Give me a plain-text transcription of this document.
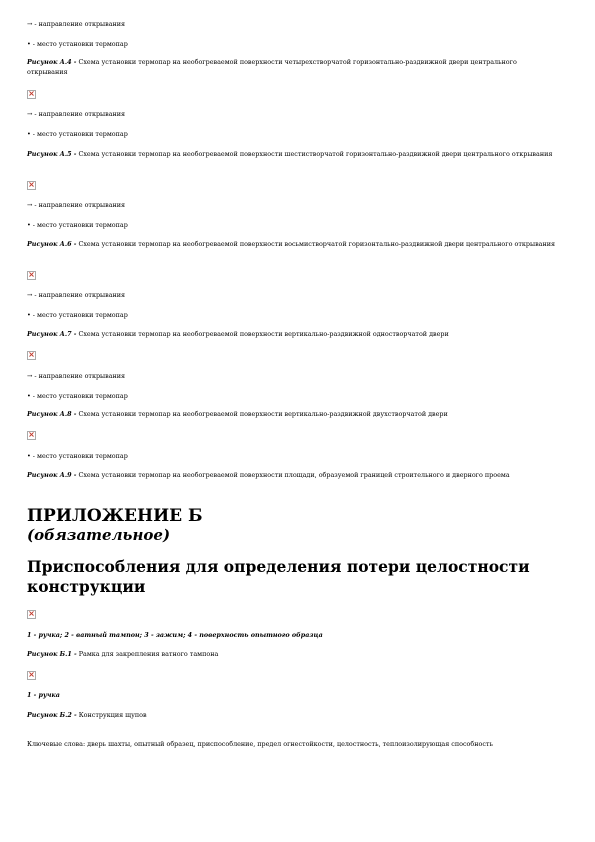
→ - направление открывания
• - место установки термопар
Рисунок А.4 - Схема установки термопар на необогреваемой поверхности четырехстворчатой горизонтально-раздвижной двери центрального открывания
×
→ - направление открывания
• - место установки термопар
Рисунок А.5 - Схема установки термопар на необогреваемой поверхности шестистворчатой горизонтально-раздвижной двери центрального открывания
×
→ - направление открывания
• - место установки термопар
Рисунок А.6 - Схема установки термопар на необогреваемой поверхности восьмистворчатой горизонтально-раздвижной двери центрального открывания
×
→ - направление открывания
• - место установки термопар
Рисунок А.7 - Схема установки термопар на необогреваемой поверхности вертикально-раздвижной одностворчатой двери
×
→ - направление открывания
• - место установки термопар
Рисунок А.8 - Схема установки термопар на необогреваемой поверхности вертикально-раздвижной двухстворчатой двери
×
• - место установки термопар
Рисунок А.9 - Схема установки термопар на необогреваемой поверхности площади, образуемой границей строительного и дверного проема
ПРИЛОЖЕНИЕ Б
(обязательное)
Приспособления для определения потери целостности конструкции
×
1 - ручка; 2 - ватный тампон; 3 - зажим; 4 - поверхность опытного образца
Рисунок Б.1 - Рамка для закрепления ватного тампона
×
1 - ручка
Рисунок Б.2 - Конструкция щупов
Ключевые слова: дверь шахты, опытный образец, приспособление, предел огнестойкости, целостность, теплоизолирующая способность
